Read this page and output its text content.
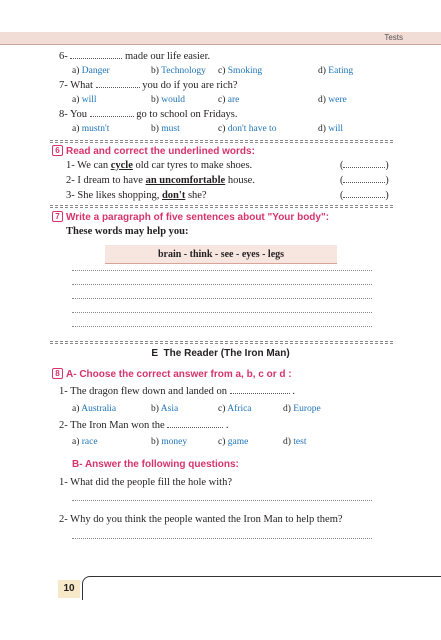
Tests
6-	made our life easier.
a) Danger	b) Technology c) Smoking	d) Eating
7- What	you do if you are rich?
a) will	b) would	c) are	d) were
8- You	go to school on Fridays.
a) mustn't	b) must	c) don't have to	d) will
6 Read and correct the underlined words:
1- We can cycle old car tyres to make shoes.	(	)
2- I dream to have an uncomfortable house.	(	)
3- She likes shopping, don't she?	(	)
7 Write a paragraph of five sentences about "Your body":
These words may help you:
brain - think - see - eyes - legs
E The Reader (The Iron Man)
8 A- Choose the correct answer from a, b, c or d :
1- The dragon flew down and landed on	.
a) Australia	b) Asia	c) Africa	d) Europe
2- The Iron Man won the	.
a) race	b) money	c) game	d) test
B- Answer the following questions:
1- What did the people fill the hole with?
2- Why do you think the people wanted the Iron Man to help them?
10
